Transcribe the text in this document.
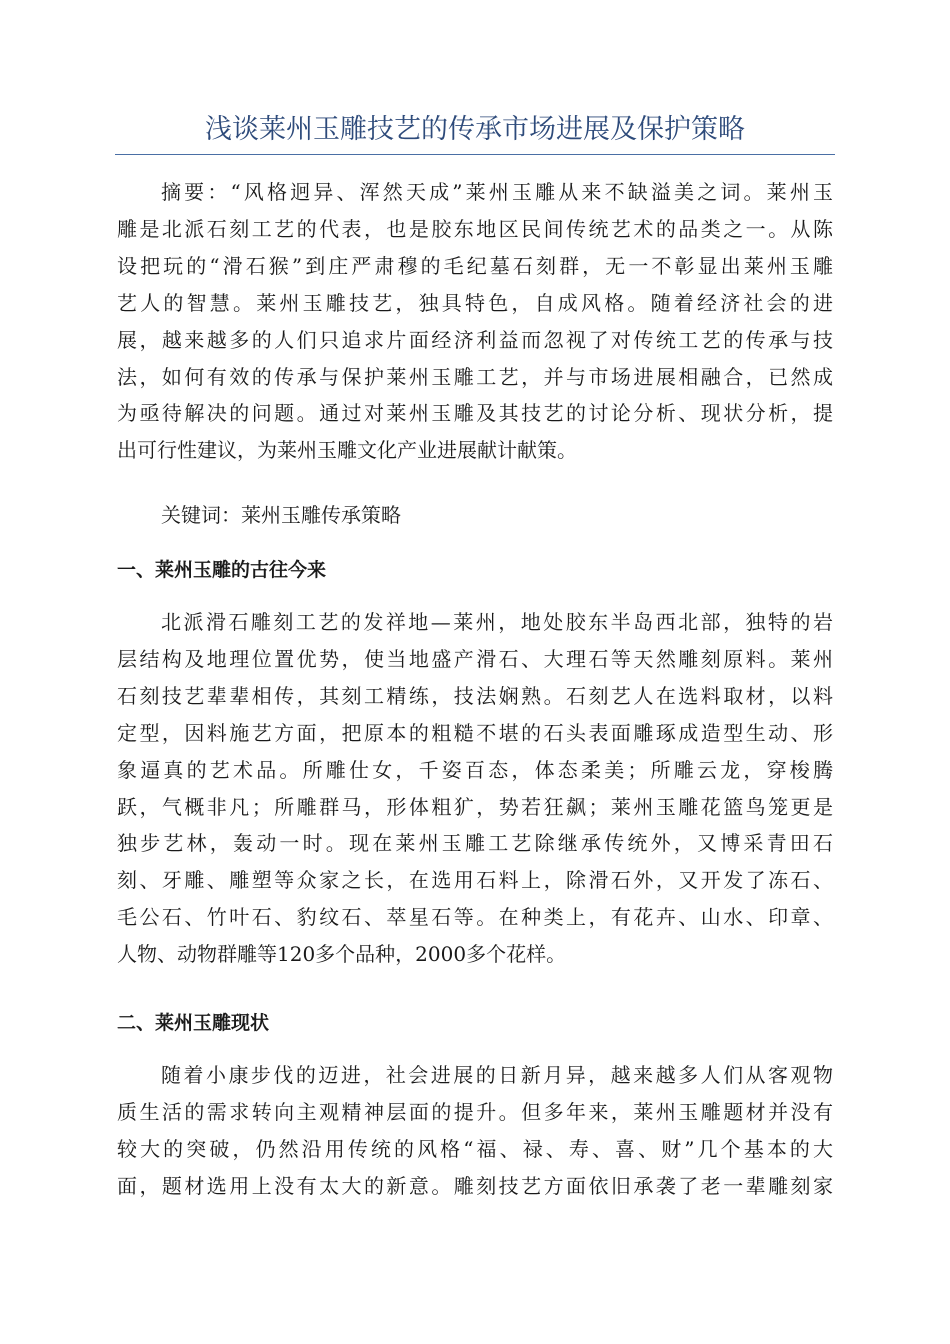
浅谈莱州玉雕技艺的传承市场进展及保护策略

摘要：“风格迥异、浑然天成”莱州玉雕从来不缺溢美之词。莱州玉
雕是北派石刻工艺的代表，也是胶东地区民间传统艺术的品类之一。从陈
设把玩的“滑石猴”到庄严肃穆的毛纪墓石刻群，无一不彰显出莱州玉雕
艺人的智慧。莱州玉雕技艺，独具特色，自成风格。随着经济社会的进
展，越来越多的人们只追求片面经济利益而忽视了对传统工艺的传承与技
法，如何有效的传承与保护莱州玉雕工艺，并与市场进展相融合，已然成
为亟待解决的问题。通过对莱州玉雕及其技艺的讨论分析、现状分析，提
出可行性建议，为莱州玉雕文化产业进展献计献策。

关键词：莱州玉雕传承策略

一、莱州玉雕的古往今来

北派滑石雕刻工艺的发祥地—莱州，地处胶东半岛西北部，独特的岩
层结构及地理位置优势，使当地盛产滑石、大理石等天然雕刻原料。莱州
石刻技艺辈辈相传，其刻工精练，技法娴熟。石刻艺人在选料取材，以料
定型，因料施艺方面，把原本的粗糙不堪的石头表面雕琢成造型生动、形
象逼真的艺术品。所雕仕女，千姿百态，体态柔美；所雕云龙，穿梭腾
跃，气概非凡；所雕群马，形体粗犷，势若狂飙；莱州玉雕花篮鸟笼更是
独步艺林，轰动一时。现在莱州玉雕工艺除继承传统外，又博采青田石
刻、牙雕、雕塑等众家之长，在选用石料上，除滑石外，又开发了冻石、
毛公石、竹叶石、豹纹石、萃星石等。在种类上，有花卉、山水、印章、
人物、动物群雕等120多个品种，2000多个花样。

二、莱州玉雕现状

随着小康步伐的迈进，社会进展的日新月异，越来越多人们从客观物
质生活的需求转向主观精神层面的提升。但多年来，莱州玉雕题材并没有
较大的突破，仍然沿用传统的风格“福、禄、寿、喜、财”几个基本的大
面，题材选用上没有太大的新意。雕刻技艺方面依旧承袭了老一辈雕刻家
